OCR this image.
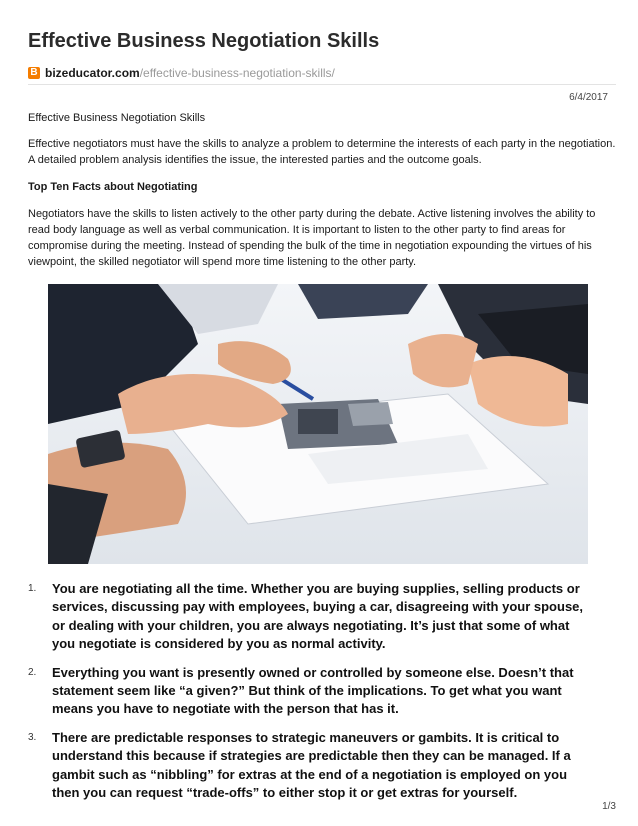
Effective Business Negotiation Skills
B bizeducator.com /effective-business-negotiation-skills/
6/4/2017

Effective Business Negotiation Skills

Effective negotiators must have the skills to analyze a problem to determine the interests of each party in the negotiation. A detailed problem analysis identifies the issue, the interested parties and the outcome goals.

Top Ten Facts about Negotiating

Negotiators have the skills to listen actively to the other party during the debate. Active listening involves the ability to read body language as well as verbal communication. It is important to listen to the other party to find areas for compromise during the meeting. Instead of spending the bulk of the time in negotiation expounding the virtues of his viewpoint, the skilled negotiator will spend more time listening to the other party.

1. You are negotiating all the time. Whether you are buying supplies, selling products or services, discussing pay with employees, buying a car, disagreeing with your spouse, or dealing with your children, you are always negotiating. It’s just that some of what you negotiate is considered by you as normal activity.
2. Everything you want is presently owned or controlled by someone else. Doesn’t that statement seem like “a given?” But think of the implications. To get what you want means you have to negotiate with the person that has it.
3. There are predictable responses to strategic maneuvers or gambits. It is critical to understand this because if strategies are predictable then they can be managed. If a gambit such as “nibbling” for extras at the end of a negotiation is employed on you then you can request “trade-offs” to either stop it or get extras for yourself.
1/3
